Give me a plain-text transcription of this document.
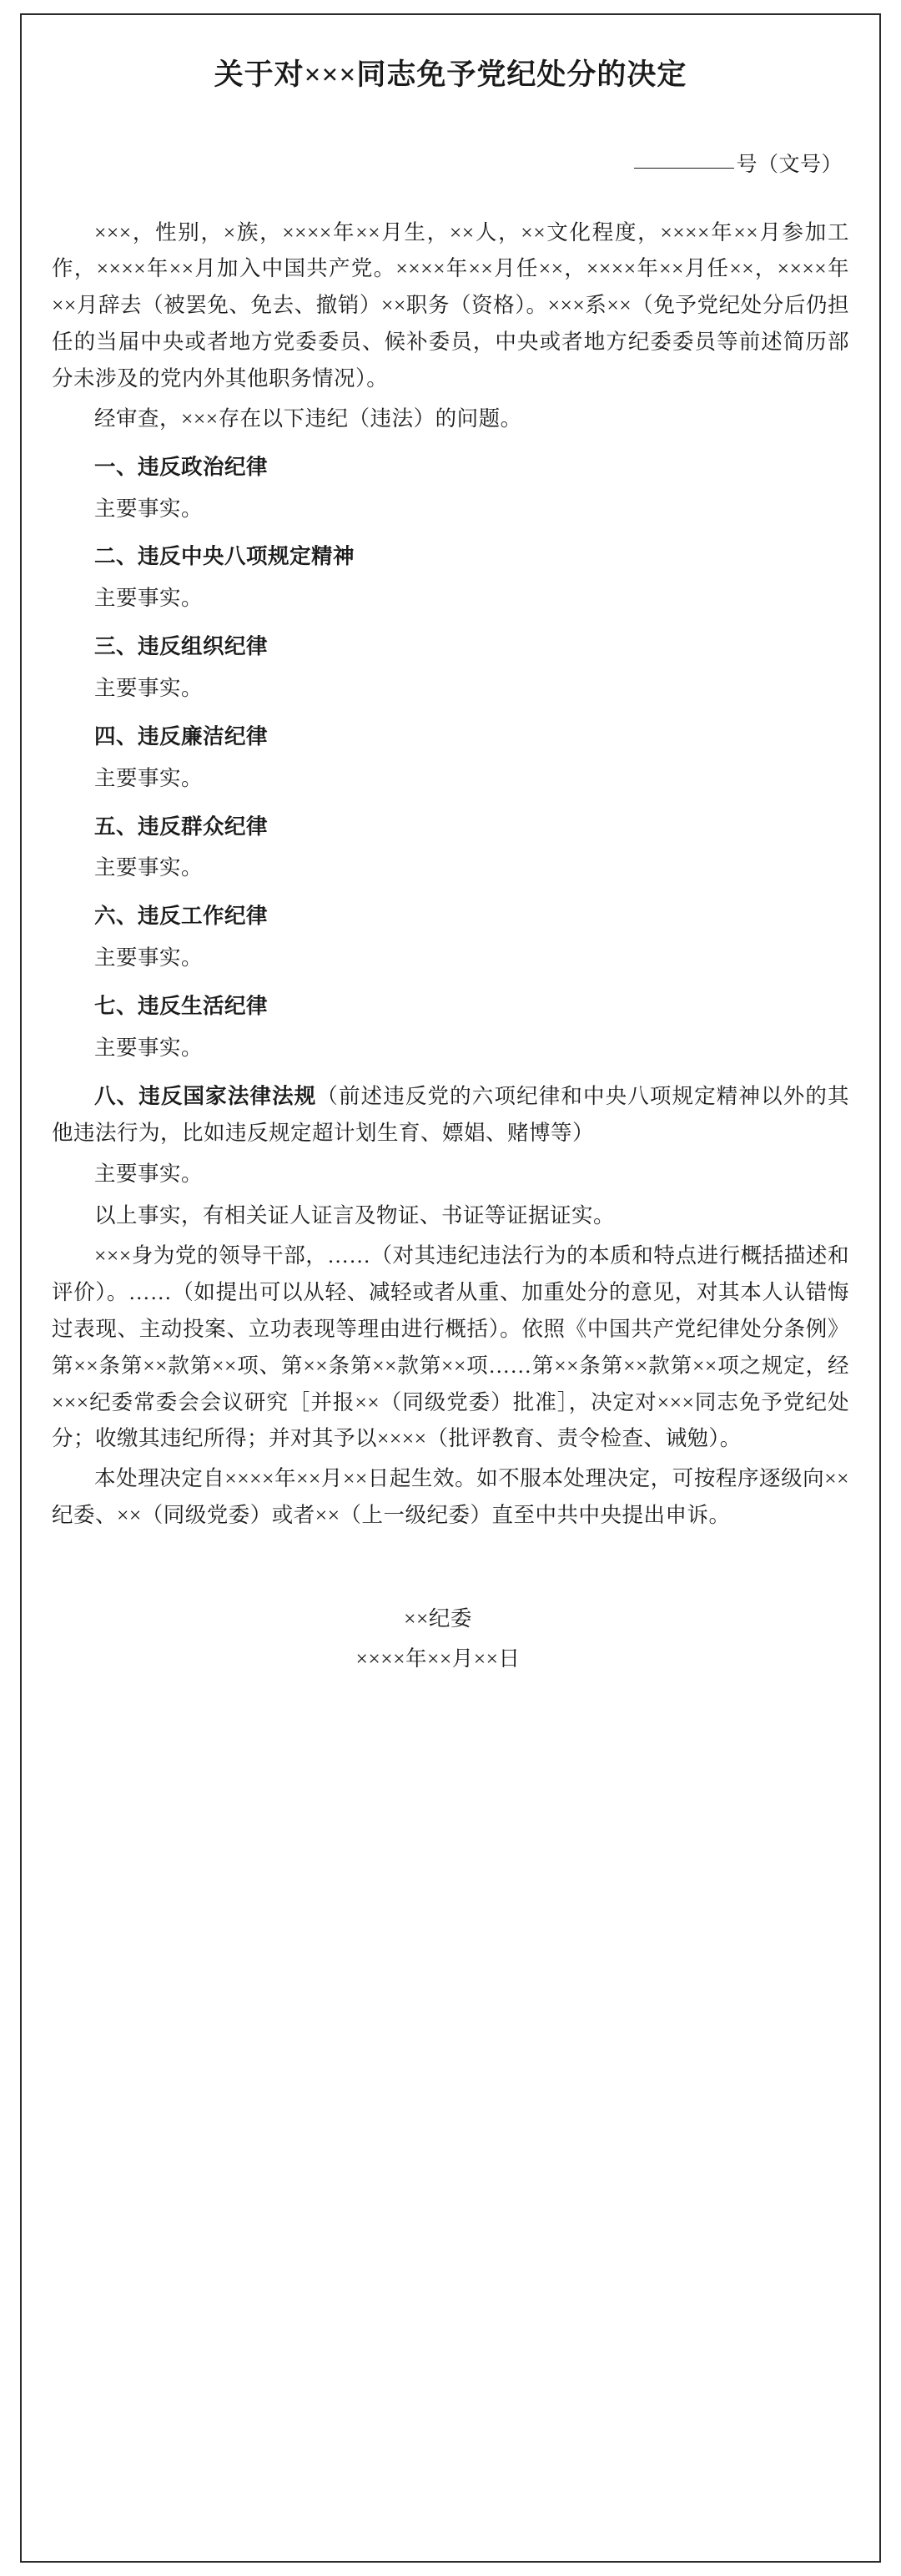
关于对×××同志免予党纪处分的决定
号（文号）

×××，性别，×族，××××年××月生，××人，××文化程度，××××年××月参加工作，××××年××月加入中国共产党。××××年××月任××，××××年××月任××，××××年××月辞去（被罢免、免去、撤销）××职务（资格）。×××系××（免予党纪处分后仍担任的当届中央或者地方党委委员、候补委员，中央或者地方纪委委员等前述简历部分未涉及的党内外其他职务情况）。

经审查，×××存在以下违纪（违法）的问题。

一、违反政治纪律
主要事实。
二、违反中央八项规定精神
主要事实。
三、违反组织纪律
主要事实。
四、违反廉洁纪律
主要事实。
五、违反群众纪律
主要事实。
六、违反工作纪律
主要事实。
七、违反生活纪律
主要事实。
八、违反国家法律法规（前述违反党的六项纪律和中央八项规定精神以外的其他违法行为，比如违反规定超计划生育、嫖娼、赌博等）
主要事实。

以上事实，有相关证人证言及物证、书证等证据证实。

×××身为党的领导干部，……（对其违纪违法行为的本质和特点进行概括描述和评价）。……（如提出可以从轻、减轻或者从重、加重处分的意见，对其本人认错悔过表现、主动投案、立功表现等理由进行概括）。依照《中国共产党纪律处分条例》第××条第××款第××项、第××条第××款第××项……第××条第××款第××项之规定，经×××纪委常委会会议研究［并报××（同级党委）批准］，决定对×××同志免予党纪处分；收缴其违纪所得；并对其予以××××（批评教育、责令检查、诫勉）。

本处理决定自××××年××月××日起生效。如不服本处理决定，可按程序逐级向××纪委、××（同级党委）或者××（上一级纪委）直至中共中央提出申诉。

××纪委
××××年××月××日
